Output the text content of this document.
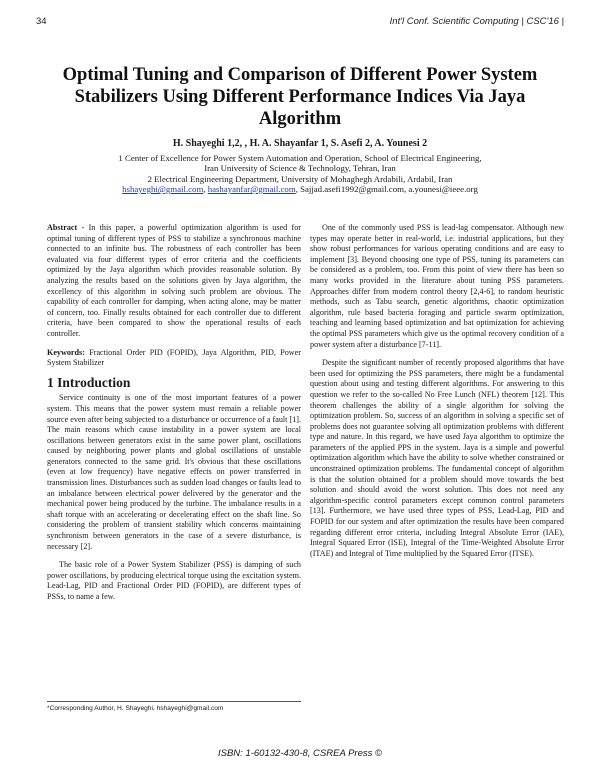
34	Int'l Conf. Scientific Computing | CSC'16 |
Optimal Tuning and Comparison of Different Power System Stabilizers Using Different Performance Indices Via Jaya Algorithm
H. Shayeghi 1,2, , H. A. Shayanfar 1, S. Asefi 2, A. Younesi 2
1 Center of Excellence for Power System Automation and Operation, School of Electrical Engineering,
Iran University of Science & Technology, Tehran, Iran
2 Electrical Engineering Department, University of Mohaghegh Ardabili, Ardabil, Iran
hshayeghi@gmail.com, hashayanfar@gmail.com, Sajjad.asefi1992@gmail.com, a.younesi@ieee.org

Abstract - In this paper, a powerful optimization algorithm is used for optimal tuning of different types of PSS to stabilize a synchronous machine connected to an infinite bus. The robustness of each controller has been evaluated via four different types of error criteria and the coefficients optimized by the Jaya algorithm which provides reasonable solution. By analyzing the results based on the solutions given by Jaya algorithm, the excellency of this algorithm in solving such problem are obvious. The capability of each controller for damping, when acting alone, may be matter of concern, too. Finally results obtained for each controller due to different criteria, have been compared to show the operational results of each controller.

Keywords: Fractional Order PID (FOPID), Jaya Algorithm, PID, Power System Stabilizer

1 Introduction

Service continuity is one of the most important features of a power system. This means that the power system must remain a reliable power source even after being subjected to a disturbance or occurrence of a fault [1]. The main reasons which cause instability in a power system are local oscillations between generators exist in the same power plant, oscillations caused by neighboring power plants and global oscillations of unstable generators connected to the same grid. It's obvious that these oscillations (even at low frequency) have negative effects on power transferred in transmission lines. Disturbances such as sudden load changes or faults lead to an imbalance between electrical power delivered by the generator and the mechanical power being produced by the turbine. The imbalance results in a shaft torque with an accelerating or decelerating effect on the shaft line. So considering the problem of transient stability which concerns maintaining synchronism between generators in the case of a severe disturbance, is necessary [2].

The basic role of a Power System Stabilizer (PSS) is damping of such power oscillations, by producing electrical torque using the excitation system. Lead-Lag, PID and Fractional Order PID (FOPID), are different types of PSSs, to name a few.

One of the commonly used PSS is lead-lag compensator. Although new types may operate better in real-world, i.e. industrial applications, but they show robust performances for various operating conditions and are easy to implement [3]. Beyond choosing one type of PSS, tuning its parameters can be considered as a problem, too. From this point of view there has been so many works provided in the literature about tuning PSS parameters. Approaches differ from modern control theory [2,4-6], to random heuristic methods, such as Tabu search, genetic algorithms, chaotic optimization algorithm, rule based bacteria foraging and particle swarm optimization, teaching and learning based optimization and bat optimization for achieving the optimal PSS parameters which give us the optimal recovery condition of a power system after a disturbance [7-11].

Despite the significant number of recently proposed algorithms that have been used for optimizing the PSS parameters, there might be a fundamental question about using and testing different algorithms. For answering to this question we refer to the so-called No Free Lunch (NFL) theorem [12]. This theorem challenges the ability of a single algorithm for solving the optimization problem. So, success of an algorithm in solving a specific set of problems does not guarantee solving all optimization problems with different type and nature. In this regard, we have used Jaya algorithm to optimize the parameters of the applied PPS in the system. Jaya is a simple and powerful optimization algorithm which have the ability to solve whether constrained or unconstrained optimization problems. The fundamental concept of algorithm is that the solution obtained for a problem should move towards the best solution and should avoid the worst solution. This does not need any algorithm-specific control parameters except common control parameters [13]. Furthermore, we have used three types of PSS, Lead-Lag, PID and FOPID for our system and after optimization the results have been compared regarding different error criteria, including Integral Absolute Error (IAE), Integral Squared Error (ISE), Integral of the Time-Weighted Absolute Error (ITAE) and Integral of Time multiplied by the Squared Error (ITSE).

*Corresponding Author, H. Shayeghi, hshayeghi@gmail.com
ISBN: 1-60132-430-8, CSREA Press ©
